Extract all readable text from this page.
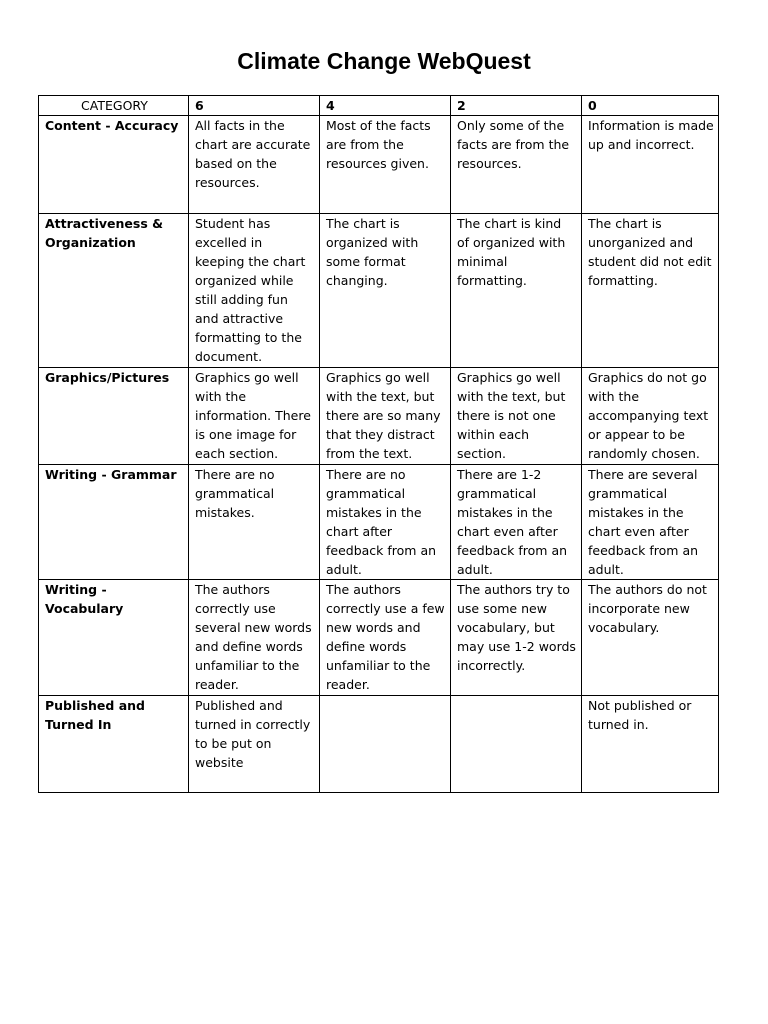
Climate Change WebQuest
CATEGORY	6	4	2	0
Content - Accuracy	All facts in the chart are accurate based on the resources.	Most of the facts are from the resources given.	Only some of the facts are from the resources.	Information is made up and incorrect.
Attractiveness & Organization	Student has excelled in keeping the chart organized while still adding fun and attractive formatting to the document.	The chart is organized with some format changing.	The chart is kind of organized with minimal formatting.	The chart is unorganized and student did not edit formatting.
Graphics/Pictures	Graphics go well with the information. There is one image for each section.	Graphics go well with the text, but there are so many that they distract from the text.	Graphics go well with the text, but there is not one within each section.	Graphics do not go with the accompanying text or appear to be randomly chosen.
Writing - Grammar	There are no grammatical mistakes.	There are no grammatical mistakes in the chart after feedback from an adult.	There are 1-2 grammatical mistakes in the chart even after feedback from an adult.	There are several grammatical mistakes in the chart even after feedback from an adult.
Writing - Vocabulary	The authors correctly use several new words and define words unfamiliar to the reader.	The authors correctly use a few new words and define words unfamiliar to the reader.	The authors try to use some new vocabulary, but may use 1-2 words incorrectly.	The authors do not incorporate new vocabulary.
Published and Turned In	Published and turned in correctly to be put on website			Not published or turned in.
